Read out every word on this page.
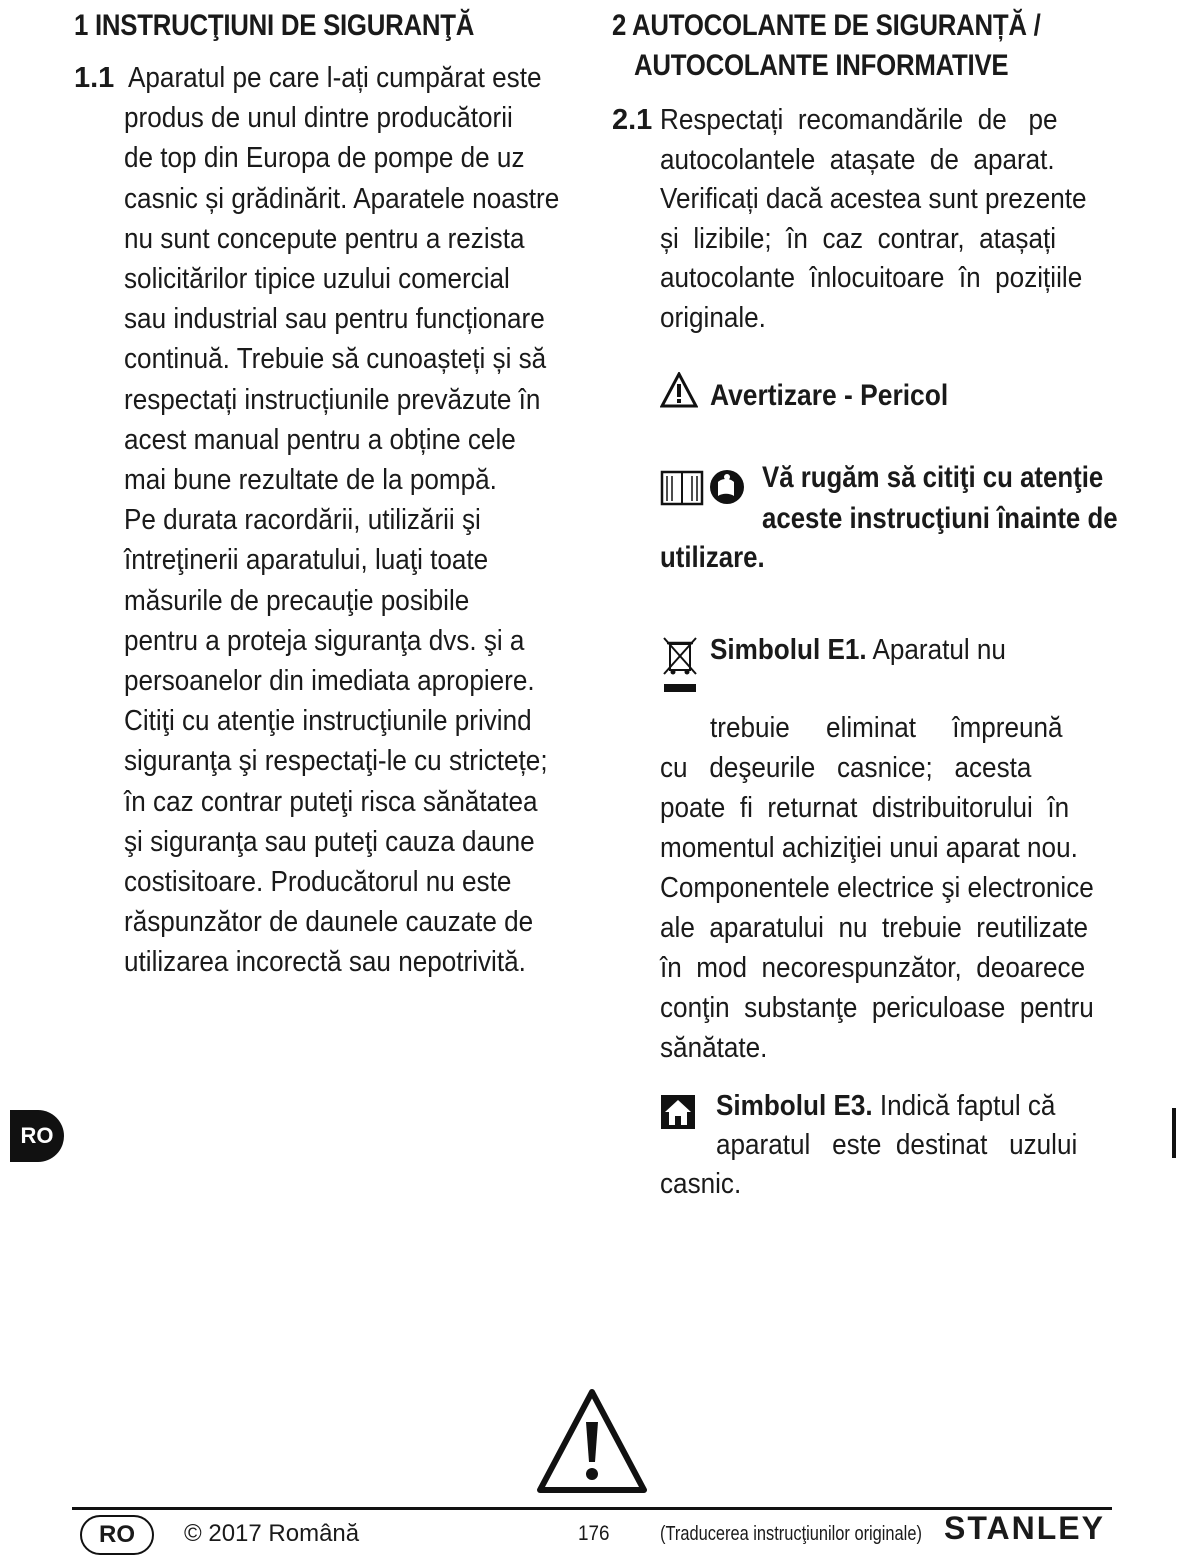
1 INSTRUCŢIUNI DE SIGURANŢĂ
1.1 Aparatul pe care l-ați cumpărat este
produs de unul dintre producătorii
de top din Europa de pompe de uz
casnic și grădinărit. Aparatele noastre
nu sunt concepute pentru a rezista
solicitărilor tipice uzului comercial
sau industrial sau pentru funcționare
continuă. Trebuie să cunoașteți și să
respectați instrucțiunile prevăzute în
acest manual pentru a obține cele
mai bune rezultate de la pompă.
Pe durata racordării, utilizării şi
întreţinerii aparatului, luaţi toate
măsurile de precauţie posibile
pentru a proteja siguranţa dvs. şi a
persoanelor din imediata apropiere.
Citiţi cu atenţie instrucţiunile privind
siguranţa şi respectaţi-le cu strictețe;
în caz contrar puteţi risca sănătatea
şi siguranţa sau puteţi cauza daune
costisitoare. Producătorul nu este
răspunzător de daunele cauzate de
utilizarea incorectă sau nepotrivită.
2 AUTOCOLANTE DE SIGURANȚĂ /
AUTOCOLANTE INFORMATIVE
2.1 Respectați  recomandările  de   pe
autocolantele  atașate  de  aparat.
Verificați dacă acestea sunt prezente
și  lizibile;  în  caz  contrar,  atașați
autocolante  înlocuitoare  în  pozițiile
originale.
Avertizare - Pericol
Vă rugăm să citiţi cu atenţie
aceste instrucţiuni înainte de
utilizare.
Simbolul E1. Aparatul nu
trebuie     eliminat     împreună
cu   deşeurile   casnice;   acesta
poate  fi  returnat  distribuitorului  în
momentul achiziţiei unui aparat nou.
Componentele electrice şi electronice
ale  aparatului  nu  trebuie  reutilizate
în  mod  necorespunzător,  deoarece
conţin  substanţe  periculoase  pentru
sănătate.
Simbolul E3. Indică faptul că
aparatul   este  destinat   uzului
casnic.
RO
RO	© 2017 Română	176	(Traducerea instrucţiunilor originale) STANLEY
